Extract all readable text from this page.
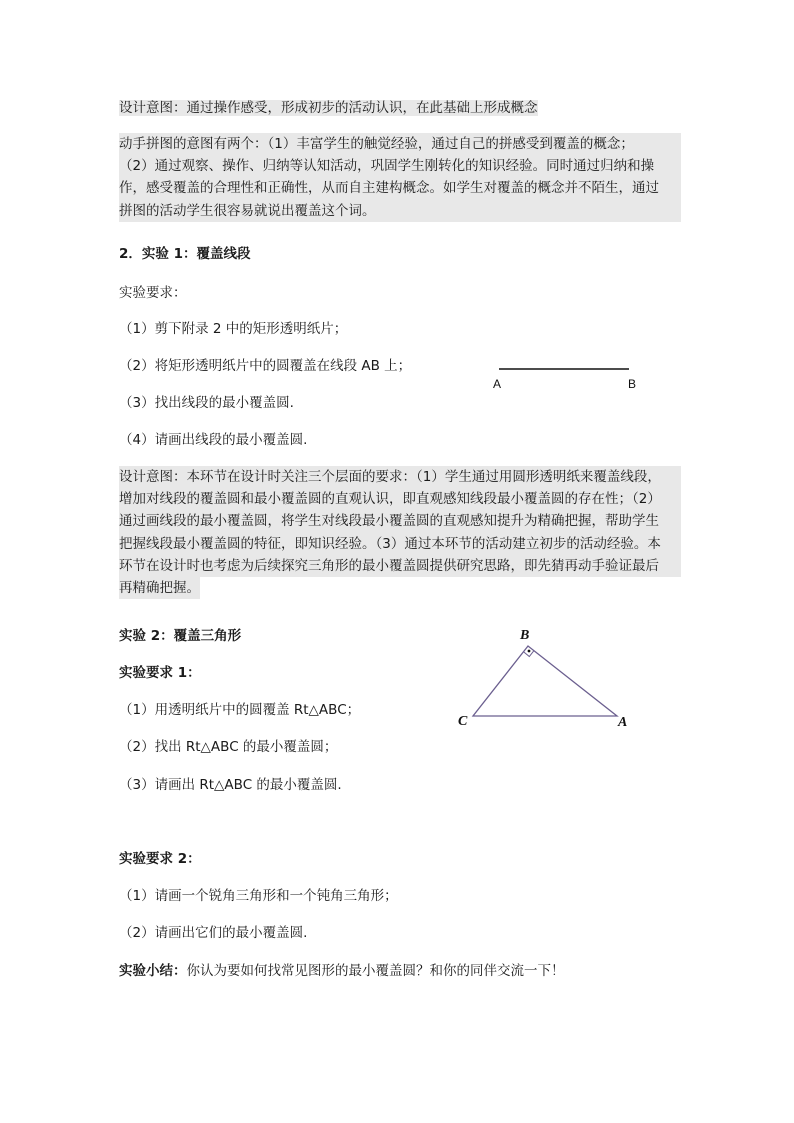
设计意图：通过操作感受，形成初步的活动认识，在此基础上形成概念

动手拼图的意图有两个：（1）丰富学生的触觉经验，通过自己的拼感受到覆盖的概念；
（2）通过观察、操作、归纳等认知活动，巩固学生刚转化的知识经验。同时通过归纳和操
作，感受覆盖的合理性和正确性，从而自主建构概念。如学生对覆盖的概念并不陌生，通过
拼图的活动学生很容易就说出覆盖这个词。

2．实验 1：覆盖线段

实验要求：

（1）剪下附录 2 中的矩形透明纸片；

（2）将矩形透明纸片中的圆覆盖在线段 AB 上；

（3）找出线段的最小覆盖圆.

（4）请画出线段的最小覆盖圆.

A	B
设计意图：本环节在设计时关注三个层面的要求：（1）学生通过用圆形透明纸来覆盖线段，
增加对线段的覆盖圆和最小覆盖圆的直观认识，即直观感知线段最小覆盖圆的存在性；（2）
通过画线段的最小覆盖圆，将学生对线段最小覆盖圆的直观感知提升为精确把握，帮助学生
把握线段最小覆盖圆的特征，即知识经验。（3）通过本环节的活动建立初步的活动经验。本
环节在设计时也考虑为后续探究三角形的最小覆盖圆提供研究思路，即先猜再动手验证最后
再精确把握。

实验 2：覆盖三角形

实验要求 1：

（1）用透明纸片中的圆覆盖 Rt△ABC；

（2）找出 Rt△ABC 的最小覆盖圆；

（3）请画出 Rt△ABC 的最小覆盖圆.

B
C	A

实验要求 2：

（1）请画一个锐角三角形和一个钝角三角形；

（2）请画出它们的最小覆盖圆.

实验小结：你认为要如何找常见图形的最小覆盖圆？和你的同伴交流一下！
